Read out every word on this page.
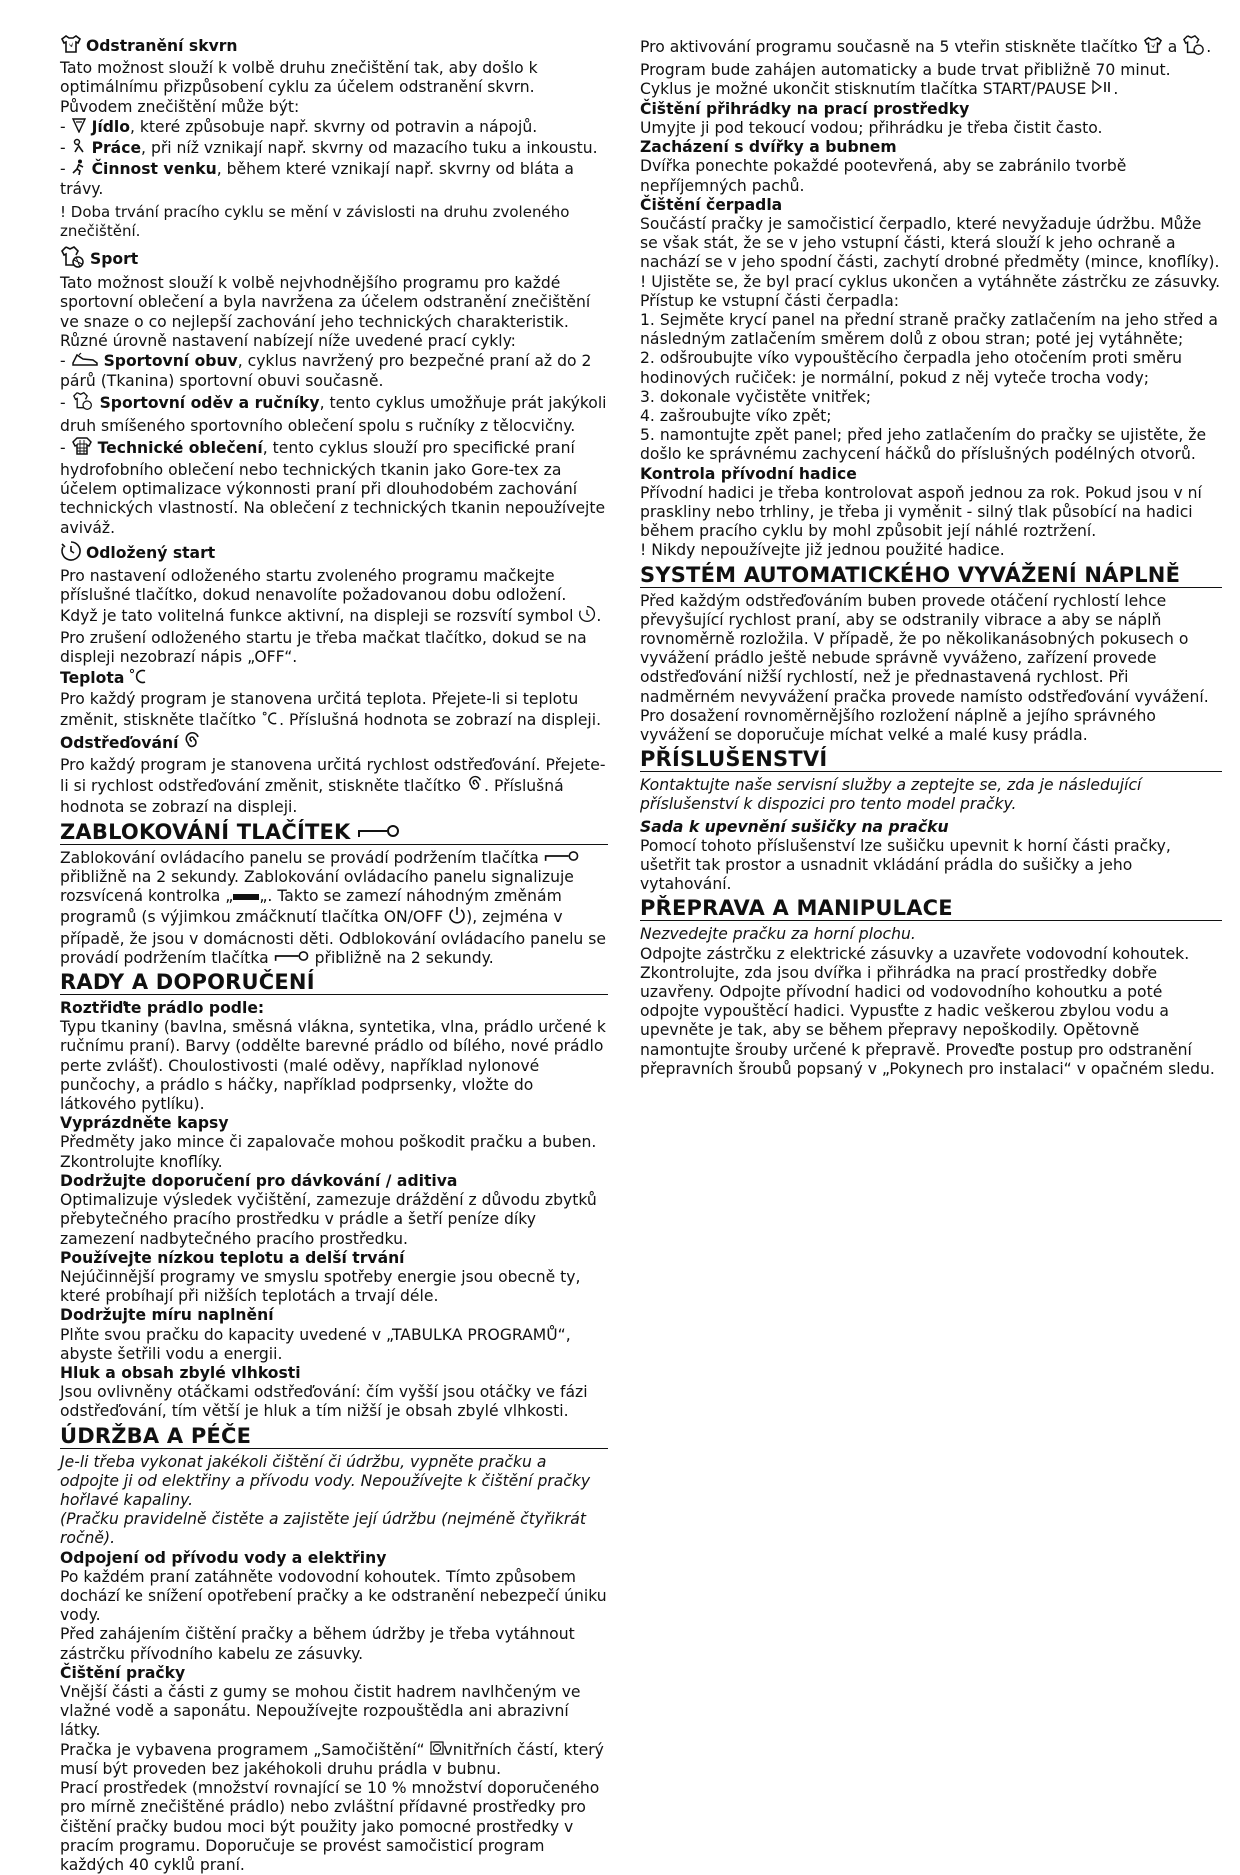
Odstranění skvrn

Tato možnost slouží k volbě druhu znečištění tak, aby došlo k optimálnímu přizpůsobení cyklu za účelem odstranění skvrn. Původem znečištění může být:

-  Jídlo, které způsobuje např. skvrny od potravin a nápojů.

-  Práce, při níž vznikají např. skvrny od mazacího tuku a inkoustu.

-  Činnost venku, během které vznikají např. skvrny od bláta a trávy.

! Doba trvání pracího cyklu se mění v závislosti na druhu zvoleného znečištění.

Sport

Tato možnost slouží k volbě nejvhodnějšího programu pro každé sportovní oblečení a byla navržena za účelem odstranění znečištění ve snaze o co nejlepší zachování jeho technických charakteristik. Různé úrovně nastavení nabízejí níže uvedené prací cykly:

-  Sportovní obuv, cyklus navržený pro bezpečné praní až do 2 párů (Tkanina) sportovní obuvi současně.

-  Sportovní oděv a ručníky, tento cyklus umožňuje prát jakýkoli druh smíšeného sportovního oblečení spolu s ručníky z tělocvičny.

-  Technické oblečení, tento cyklus slouží pro specifické praní hydrofobního oblečení nebo technických tkanin jako Gore-tex za účelem optimalizace výkonnosti praní při dlouhodobém zachování technických vlastností. Na oblečení z technických tkanin nepoužívejte aviváž.

Odložený start

Pro nastavení odloženého startu zvoleného programu mačkejte příslušné tlačítko, dokud nenavolíte požadovanou dobu odložení. Když je tato volitelná funkce aktivní, na displeji se rozsvítí symbol . Pro zrušení odloženého startu je třeba mačkat tlačítko, dokud se na displeji nezobrazí nápis „OFF“.

Teplota

Pro každý program je stanovena určitá teplota. Přejete-li si teplotu změnit, stiskněte tlačítko . Příslušná hodnota se zobrazí na displeji.

Odstřeďování

Pro každý program je stanovena určitá rychlost odstřeďování. Přejete-li si rychlost odstřeďování změnit, stiskněte tlačítko . Příslušná hodnota se zobrazí na displeji.

ZABLOKOVÁNÍ TLAČÍTEK

Zablokování ovládacího panelu se provádí podržením tlačítka  přibližně na 2 sekundy. Zablokování ovládacího panelu signalizuje rozsvícená kontrolka „ „. Takto se zamezí náhodným změnám programů (s výjimkou zmáčknutí tlačítka ON/OFF ), zejména v případě, že jsou v domácnosti děti. Odblokování ovládacího panelu se provádí podržením tlačítka	přibližně na 2 sekundy.

RADY A DOPORUČENÍ

Roztřiďte prádlo podle:

Typu tkaniny (bavlna, směsná vlákna, syntetika, vlna, prádlo určené k ručnímu praní). Barvy (oddělte barevné prádlo od bílého, nové prádlo perte zvlášť). Choulostivosti (malé oděvy, například nylonové punčochy, a prádlo s háčky, například podprsenky, vložte do látkového pytlíku).

Vyprázdněte kapsy

Předměty jako mince či zapalovače mohou poškodit pračku a buben. Zkontrolujte knoflíky.

Dodržujte doporučení pro dávkování / aditiva

Optimalizuje výsledek vyčištění, zamezuje dráždění z důvodu zbytků přebytečného pracího prostředku v prádle a šetří peníze díky zamezení nadbytečného pracího prostředku.

Používejte nízkou teplotu a delší trvání

Nejúčinnější programy ve smyslu spotřeby energie jsou obecně ty, které probíhají při nižších teplotách a trvají déle.

Dodržujte míru naplnění

Plňte svou pračku do kapacity uvedené v „TABULKA PROGRAMŮ“, abyste šetřili vodu a energii.

Hluk a obsah zbylé vlhkosti

Jsou ovlivněny otáčkami odstřeďování: čím vyšší jsou otáčky ve fázi odstřeďování, tím větší je hluk a tím nižší je obsah zbylé vlhkosti.

ÚDRŽBA A PÉČE

Je-li třeba vykonat jakékoli čištění či údržbu, vypněte pračku a odpojte ji od elektřiny a přívodu vody. Nepoužívejte k čištění pračky hořlavé kapaliny.

(Pračku pravidelně čistěte a zajistěte její údržbu (nejméně čtyřikrát ročně).

Odpojení od přívodu vody a elektřiny

Po každém praní zatáhněte vodovodní kohoutek. Tímto způsobem dochází ke snížení opotřebení pračky a ke odstranění nebezpečí úniku vody.

Před zahájením čištění pračky a během údržby je třeba vytáhnout zástrčku přívodního kabelu ze zásuvky.

Čištění pračky

Vnější části a části z gumy se mohou čistit hadrem navlhčeným ve vlažné vodě a saponátu. Nepoužívejte rozpouštědla ani abrazivní látky.

Pračka je vybavena programem „Samočištění“ vnitřních částí, který musí být proveden bez jakéhokoli druhu prádla v bubnu.

Prací prostředek (množství rovnající se 10 % množství doporučeného pro mírně znečištěné prádlo) nebo zvláštní přídavné prostředky pro čištění pračky budou moci být použity jako pomocné prostředky v pracím programu. Doporučuje se provést samočisticí program každých 40 cyklů praní.

Pro aktivování programu současně na 5 vteřin stiskněte tlačítko a . Program bude zahájen automaticky a bude trvat přibližně 70 minut. Cyklus je možné ukončit stisknutím tlačítka START/PAUSE .

Čištění přihrádky na prací prostředky

Umyjte ji pod tekoucí vodou; přihrádku je třeba čistit často.

Zacházení s dvířky a bubnem

Dvířka ponechte pokaždé pootevřená, aby se zabránilo tvorbě nepříjemných pachů.

Čištění čerpadla

Součástí pračky je samočisticí čerpadlo, které nevyžaduje údržbu. Může se však stát, že se v jeho vstupní části, která slouží k jeho ochraně a nachází se v jeho spodní části, zachytí drobné předměty (mince, knoflíky).

! Ujistěte se, že byl prací cyklus ukončen a vytáhněte zástrčku ze zásuvky.

Přístup ke vstupní části čerpadla:

1. Sejměte krycí panel na přední straně pračky zatlačením na jeho střed a následným zatlačením směrem dolů z obou stran; poté jej vytáhněte;

2. odšroubujte víko vypouštěcího čerpadla jeho otočením proti směru hodinových ručiček: je normální, pokud z něj vyteče trocha vody;

3. dokonale vyčistěte vnitřek;

4. zašroubujte víko zpět;

5. namontujte zpět panel; před jeho zatlačením do pračky se ujistěte, že došlo ke správnému zachycení háčků do příslušných podélných otvorů.

Kontrola přívodní hadice

Přívodní hadici je třeba kontrolovat aspoň jednou za rok. Pokud jsou v ní praskliny nebo trhliny, je třeba ji vyměnit - silný tlak působící na hadici během pracího cyklu by mohl způsobit její náhlé roztržení.

! Nikdy nepoužívejte již jednou použité hadice.

SYSTÉM AUTOMATICKÉHO VYVÁŽENÍ NÁPLNĚ

Před každým odstřeďováním buben provede otáčení rychlostí lehce převyšující rychlost praní, aby se odstranily vibrace a aby se náplň rovnoměrně rozložila. V případě, že po několikanásobných pokusech o vyvážení prádlo ještě nebude správně vyváženo, zařízení provede odstřeďování nižší rychlostí, než je přednastavená rychlost. Při nadměrném nevyvážení pračka provede namísto odstřeďování vyvážení. Pro dosažení rovnoměrnějšího rozložení náplně a jejího správného vyvážení se doporučuje míchat velké a malé kusy prádla.

PŘÍSLUŠENSTVÍ

Kontaktujte naše servisní služby a zeptejte se, zda je následující příslušenství k dispozici pro tento model pračky.

Sada k upevnění sušičky na pračku

Pomocí tohoto příslušenství lze sušičku upevnit k horní části pračky, ušetřit tak prostor a usnadnit vkládání prádla do sušičky a jeho vytahování.

PŘEPRAVA A MANIPULACE

Nezvedejte pračku za horní plochu.

Odpojte zástrčku z elektrické zásuvky a uzavřete vodovodní kohoutek. Zkontrolujte, zda jsou dvířka i přihrádka na prací prostředky dobře uzavřeny. Odpojte přívodní hadici od vodovodního kohoutku a poté odpojte vypouštěcí hadici. Vypusťte z hadic veškerou zbylou vodu a upevněte je tak, aby se během přepravy nepoškodily. Opětovně namontujte šrouby určené k přepravě. Proveďte postup pro odstranění přepravních šroubů popsaný v „Pokynech pro instalaci“ v opačném sledu.
